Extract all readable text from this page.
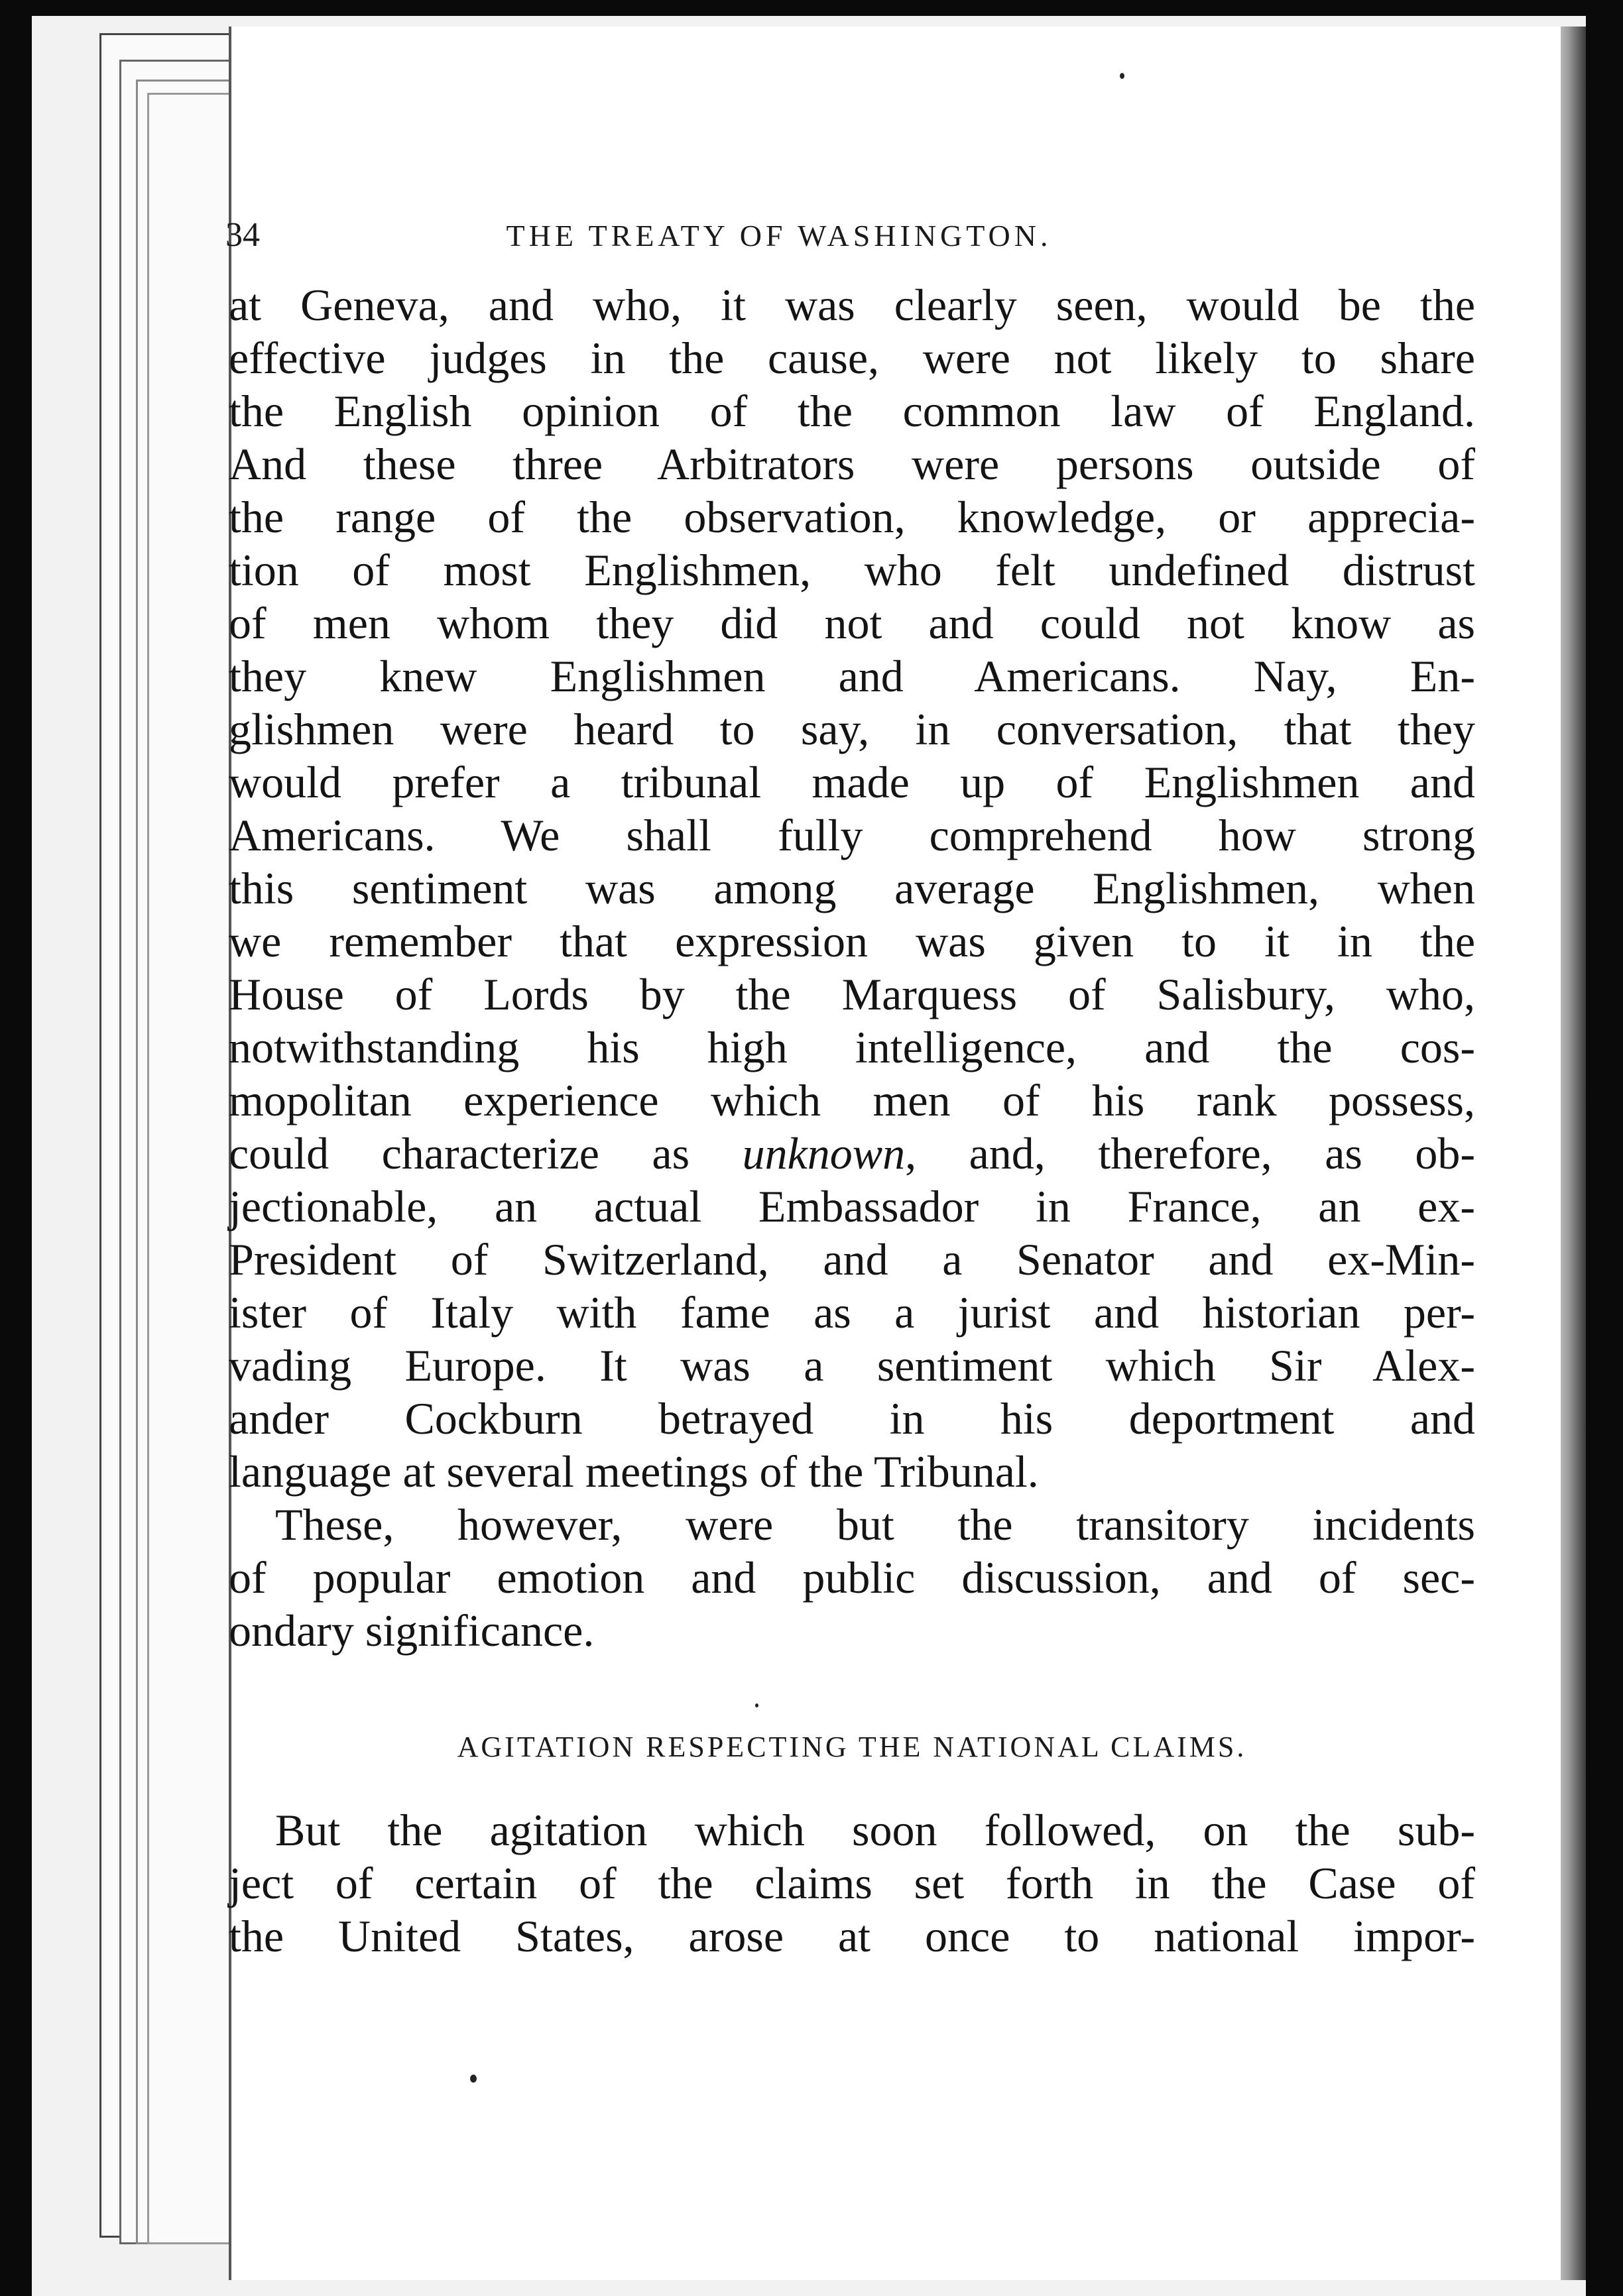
34	THE TREATY OF WASHINGTON.
at Geneva, and who, it was clearly seen, would be the
effective judges in the cause, were not likely to share
the English opinion of the common law of England.
And these three Arbitrators were persons outside of
the range of the observation, knowledge, or apprecia-
tion of most Englishmen, who felt undefined distrust
of men whom they did not and could not know as
they knew Englishmen and Americans. Nay, En-
glishmen were heard to say, in conversation, that they
would prefer a tribunal made up of Englishmen and
Americans. We shall fully comprehend how strong
this sentiment was among average Englishmen, when
we remember that expression was given to it in the
House of Lords by the Marquess of Salisbury, who,
notwithstanding his high intelligence, and the cos-
mopolitan experience which men of his rank possess,
could characterize as unknown, and, therefore, as ob-
jectionable, an actual Embassador in France, an ex-
President of Switzerland, and a Senator and ex-Min-
ister of Italy with fame as a jurist and historian per-
vading Europe. It was a sentiment which Sir Alex-
ander Cockburn betrayed in his deportment and
language at several meetings of the Tribunal.
These, however, were but the transitory incidents
of popular emotion and public discussion, and of sec-
ondary significance.
AGITATION RESPECTING THE NATIONAL CLAIMS.
But the agitation which soon followed, on the sub-
ject of certain of the claims set forth in the Case of
the United States, arose at once to national impor-
